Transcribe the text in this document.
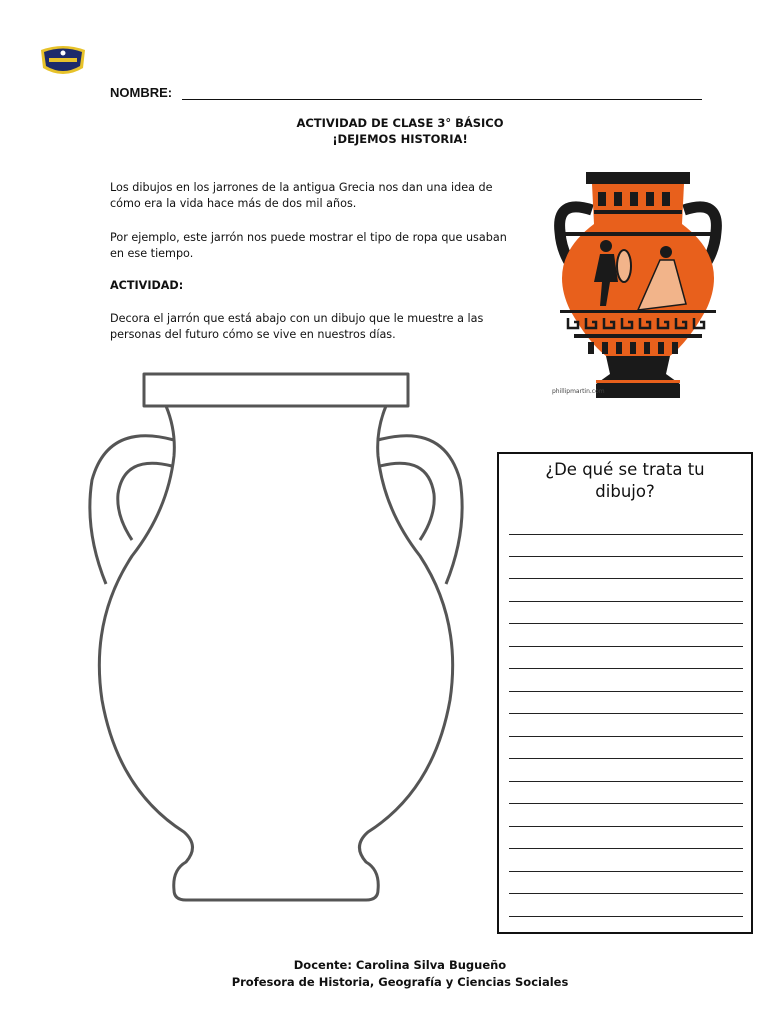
NOMBRE:
ACTIVIDAD DE CLASE 3° BÁSICO
¡DEJEMOS HISTORIA!
Los dibujos en los jarrones de la antigua Grecia nos dan una idea de
cómo era la vida hace más de dos mil años.
Por ejemplo, este jarrón nos puede mostrar el tipo de ropa que usaban
en ese tiempo.
ACTIVIDAD:
Decora el jarrón que está abajo con un dibujo que le muestre a las
personas del futuro cómo se vive en nuestros días.
phillipmartin.com
¿De qué se trata tu
dibujo?
Docente: Carolina Silva Bugueño
Profesora de Historia, Geografía y Ciencias Sociales
